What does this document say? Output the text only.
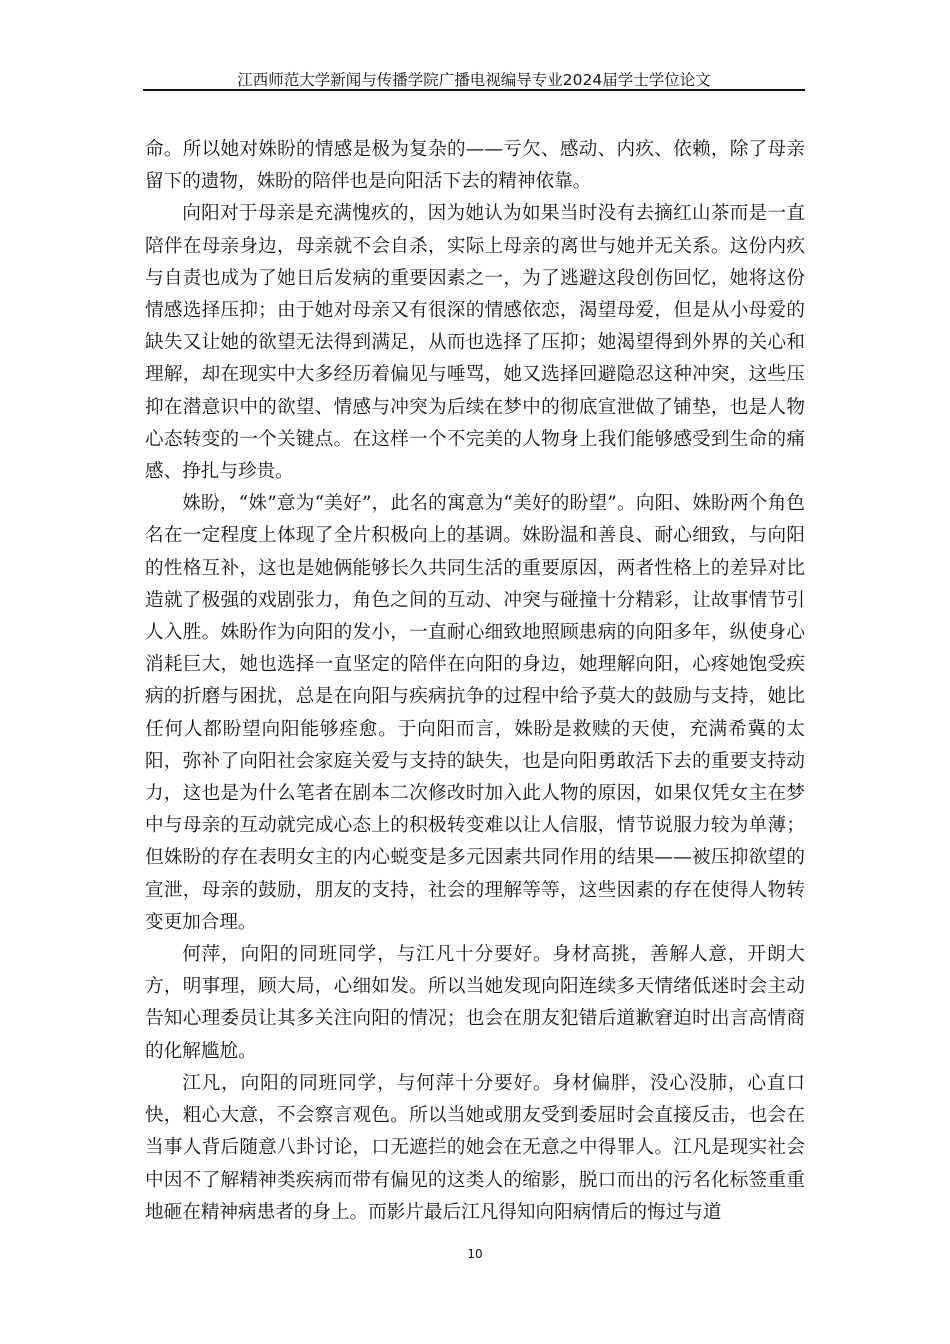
江西师范大学新闻与传播学院广播电视编导专业2024届学士学位论文

命。所以她对姝盼的情感是极为复杂的——亏欠、感动、内疚、依赖，除了母亲留下的遗物，姝盼的陪伴也是向阳活下去的精神依靠。

向阳对于母亲是充满愧疚的，因为她认为如果当时没有去摘红山茶而是一直陪伴在母亲身边，母亲就不会自杀，实际上母亲的离世与她并无关系。这份内疚与自责也成为了她日后发病的重要因素之一，为了逃避这段创伤回忆，她将这份情感选择压抑；由于她对母亲又有很深的情感依恋，渴望母爱，但是从小母爱的缺失又让她的欲望无法得到满足，从而也选择了压抑；她渴望得到外界的关心和理解，却在现实中大多经历着偏见与唾骂，她又选择回避隐忍这种冲突，这些压抑在潜意识中的欲望、情感与冲突为后续在梦中的彻底宣泄做了铺垫，也是人物心态转变的一个关键点。在这样一个不完美的人物身上我们能够感受到生命的痛感、挣扎与珍贵。

姝盼，“姝”意为“美好”，此名的寓意为“美好的盼望”。向阳、姝盼两个角色名在一定程度上体现了全片积极向上的基调。姝盼温和善良、耐心细致，与向阳的性格互补，这也是她俩能够长久共同生活的重要原因，两者性格上的差异对比造就了极强的戏剧张力，角色之间的互动、冲突与碰撞十分精彩，让故事情节引人入胜。姝盼作为向阳的发小，一直耐心细致地照顾患病的向阳多年，纵使身心消耗巨大，她也选择一直坚定的陪伴在向阳的身边，她理解向阳，心疼她饱受疾病的折磨与困扰，总是在向阳与疾病抗争的过程中给予莫大的鼓励与支持，她比任何人都盼望向阳能够痊愈。于向阳而言，姝盼是救赎的天使，充满希冀的太阳，弥补了向阳社会家庭关爱与支持的缺失，也是向阳勇敢活下去的重要支持动力，这也是为什么笔者在剧本二次修改时加入此人物的原因，如果仅凭女主在梦中与母亲的互动就完成心态上的积极转变难以让人信服，情节说服力较为单薄；但姝盼的存在表明女主的内心蜕变是多元因素共同作用的结果——被压抑欲望的宣泄，母亲的鼓励，朋友的支持，社会的理解等等，这些因素的存在使得人物转变更加合理。

何萍，向阳的同班同学，与江凡十分要好。身材高挑，善解人意，开朗大方，明事理，顾大局，心细如发。所以当她发现向阳连续多天情绪低迷时会主动告知心理委员让其多关注向阳的情况；也会在朋友犯错后道歉窘迫时出言高情商的化解尴尬。

江凡，向阳的同班同学，与何萍十分要好。身材偏胖，没心没肺，心直口快，粗心大意，不会察言观色。所以当她或朋友受到委屈时会直接反击，也会在当事人背后随意八卦讨论，口无遮拦的她会在无意之中得罪人。江凡是现实社会中因不了解精神类疾病而带有偏见的这类人的缩影，脱口而出的污名化标签重重地砸在精神病患者的身上。而影片最后江凡得知向阳病情后的悔过与道

10
